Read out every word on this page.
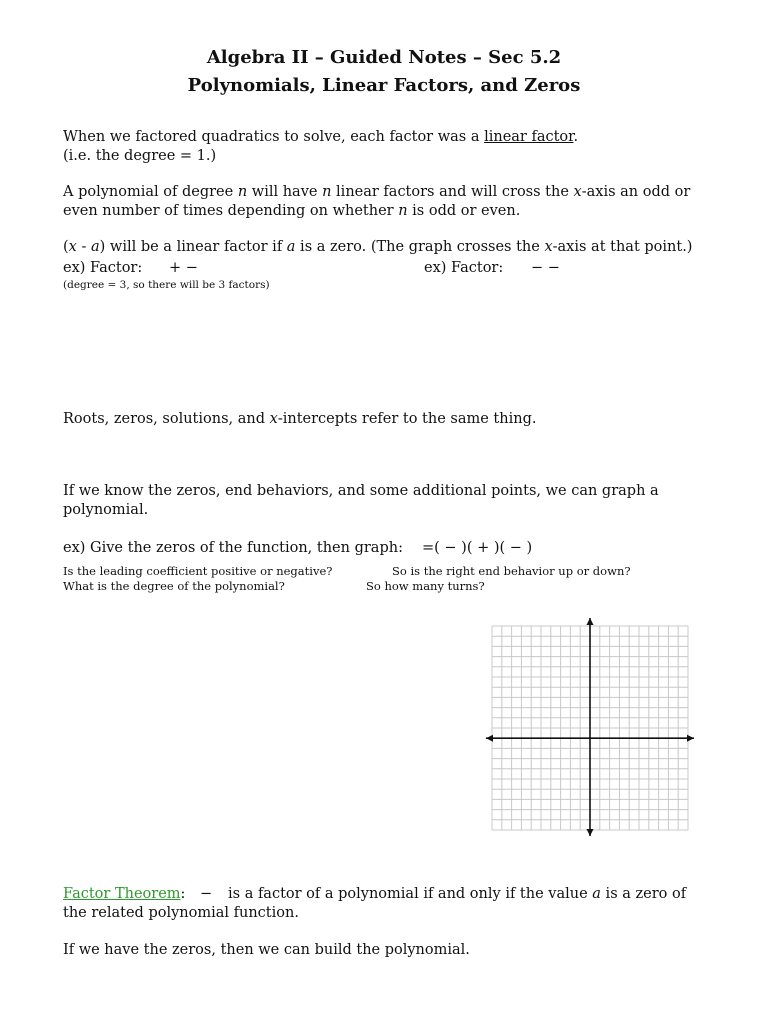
Algebra II – Guided Notes – Sec 5.2
Polynomials, Linear Factors, and Zeros
When we factored quadratics to solve, each factor was a linear factor.
(i.e. the degree = 1.)
A polynomial of degree n will have n linear factors and will cross the x-axis an odd or
even number of times depending on whether n is odd or even.
(x - a) will be a linear factor if a is a zero. (The graph crosses the x-axis at that point.)
ex) Factor: + −	ex) Factor: − −
(degree = 3, so there will be 3 factors)
Roots, zeros, solutions, and x-intercepts refer to the same thing.
If we know the zeros, end behaviors, and some additional points, we can graph a
polynomial.
ex) Give the zeros of the function, then graph: =( − )( + )( − )
Is the leading coefficient positive or negative?	So is the right end behavior up or down?
What is the degree of the polynomial?	So how many turns?
Factor Theorem: − is a factor of a polynomial if and only if the value a is a zero of
the related polynomial function.
If we have the zeros, then we can build the polynomial.
